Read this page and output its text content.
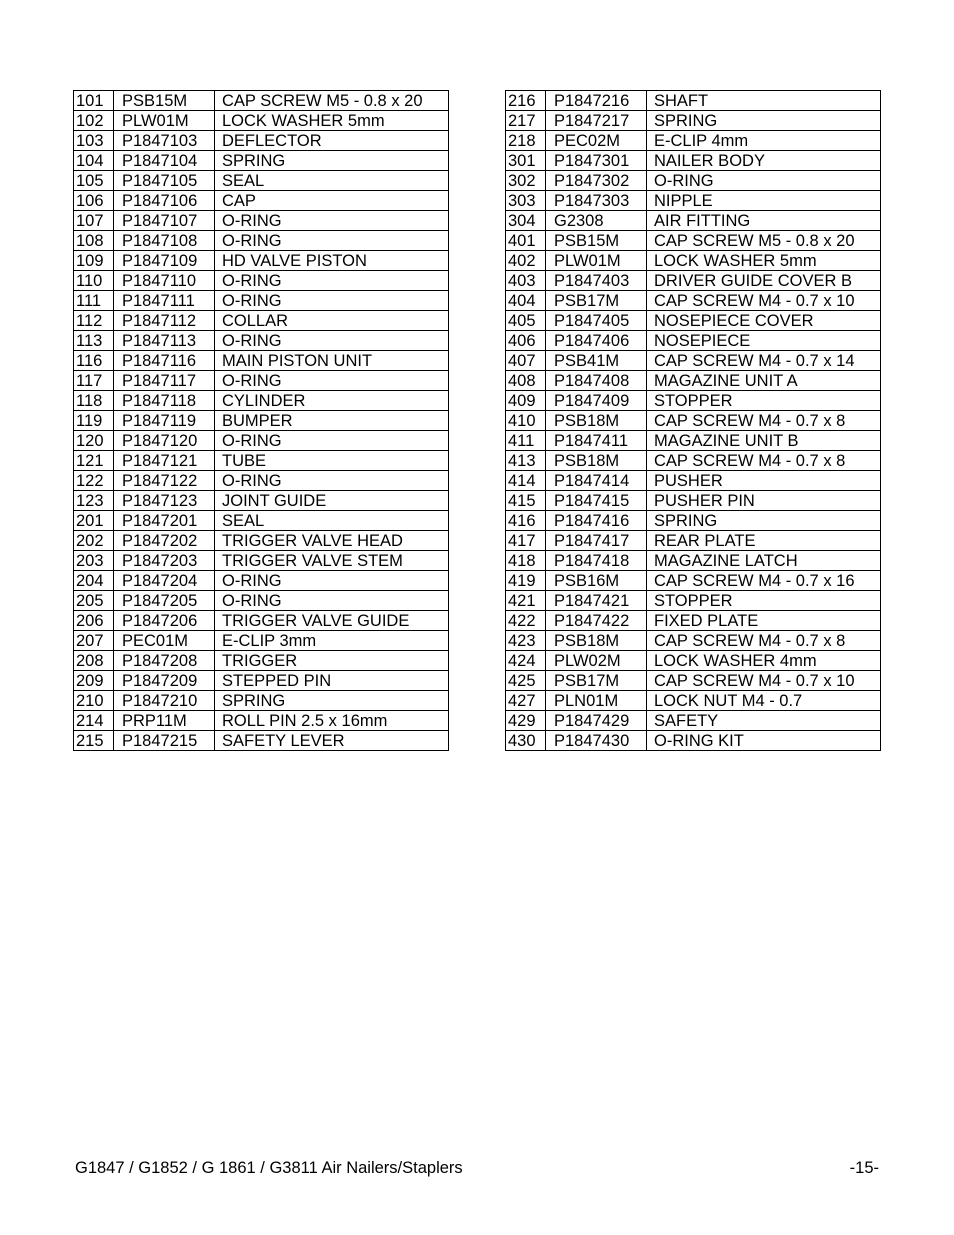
101	PSB15M	CAP SCREW M5 - 0.8 x 20
102	PLW01M	LOCK WASHER 5mm
103	P1847103	DEFLECTOR
104	P1847104	SPRING
105	P1847105	SEAL
106	P1847106	CAP
107	P1847107	O-RING
108	P1847108	O-RING
109	P1847109	HD VALVE PISTON
110	P1847110	O-RING
111	P1847111	O-RING
112	P1847112	COLLAR
113	P1847113	O-RING
116	P1847116	MAIN PISTON UNIT
117	P1847117	O-RING
118	P1847118	CYLINDER
119	P1847119	BUMPER
120	P1847120	O-RING
121	P1847121	TUBE
122	P1847122	O-RING
123	P1847123	JOINT GUIDE
201	P1847201	SEAL
202	P1847202	TRIGGER VALVE HEAD
203	P1847203	TRIGGER VALVE STEM
204	P1847204	O-RING
205	P1847205	O-RING
206	P1847206	TRIGGER VALVE GUIDE
207	PEC01M	E-CLIP 3mm
208	P1847208	TRIGGER
209	P1847209	STEPPED PIN
210	P1847210	SPRING
214	PRP11M	ROLL PIN 2.5 x 16mm
215	P1847215	SAFETY LEVER
216	P1847216	SHAFT
217	P1847217	SPRING
218	PEC02M	E-CLIP 4mm
301	P1847301	NAILER BODY
302	P1847302	O-RING
303	P1847303	NIPPLE
304	G2308	AIR FITTING
401	PSB15M	CAP SCREW M5 - 0.8 x 20
402	PLW01M	LOCK WASHER 5mm
403	P1847403	DRIVER GUIDE COVER B
404	PSB17M	CAP SCREW M4 - 0.7 x 10
405	P1847405	NOSEPIECE COVER
406	P1847406	NOSEPIECE
407	PSB41M	CAP SCREW M4 - 0.7 x 14
408	P1847408	MAGAZINE UNIT A
409	P1847409	STOPPER
410	PSB18M	CAP SCREW M4 - 0.7 x 8
411	P1847411	MAGAZINE UNIT B
413	PSB18M	CAP SCREW M4 - 0.7 x 8
414	P1847414	PUSHER
415	P1847415	PUSHER PIN
416	P1847416	SPRING
417	P1847417	REAR PLATE
418	P1847418	MAGAZINE LATCH
419	PSB16M	CAP SCREW M4 - 0.7 x 16
421	P1847421	STOPPER
422	P1847422	FIXED PLATE
423	PSB18M	CAP SCREW M4 - 0.7 x 8
424	PLW02M	LOCK WASHER 4mm
425	PSB17M	CAP SCREW M4 - 0.7 x 10
427	PLN01M	LOCK NUT M4 - 0.7
429	P1847429	SAFETY
430	P1847430	O-RING KIT
G1847 / G1852 / G 1861 / G3811 Air Nailers/Staplers	-15-
